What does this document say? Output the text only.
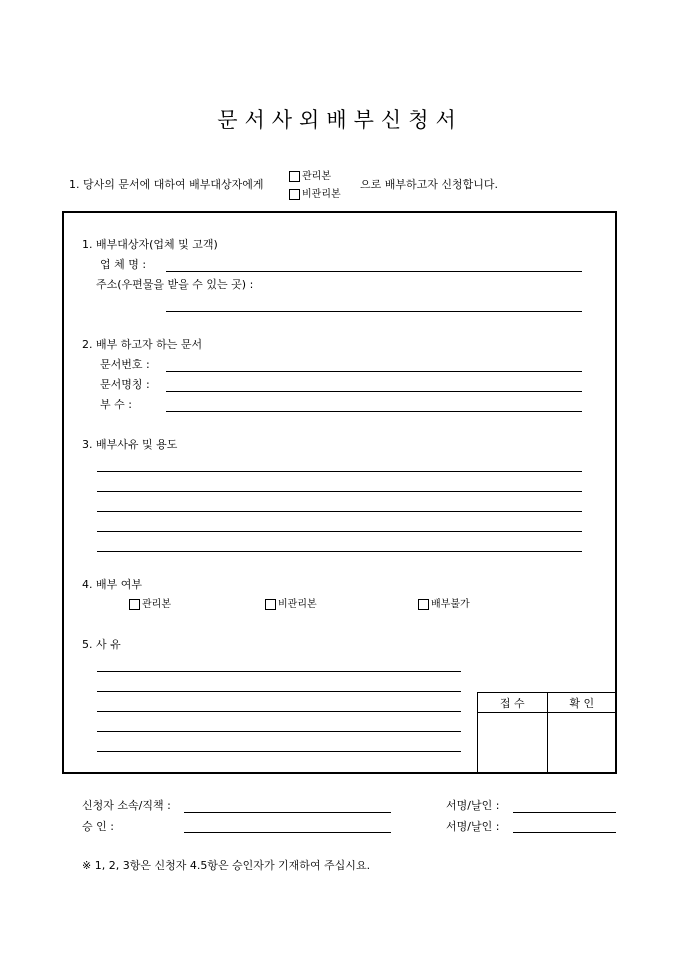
문서사외배부신청서
1. 당사의 문서에 대하여 배부대상자에게
관리본
비관리본
으로 배부하고자 신청합니다.
1. 배부대상자(업체 및 고객)
업 체 명 :
주소(우편물을 받을 수 있는 곳) :
2. 배부 하고자 하는 문서
문서번호 :
문서명칭 :
부 수 :
3. 배부사유 및 용도
4. 배부 여부
관리본	비관리본	배부불가
5. 사 유
접 수	확 인

신청자 소속/직책 :	서명/날인 :
승 인 :	서명/날인 :
※ 1, 2, 3항은 신청자 4.5항은 승인자가 기재하여 주십시요.
